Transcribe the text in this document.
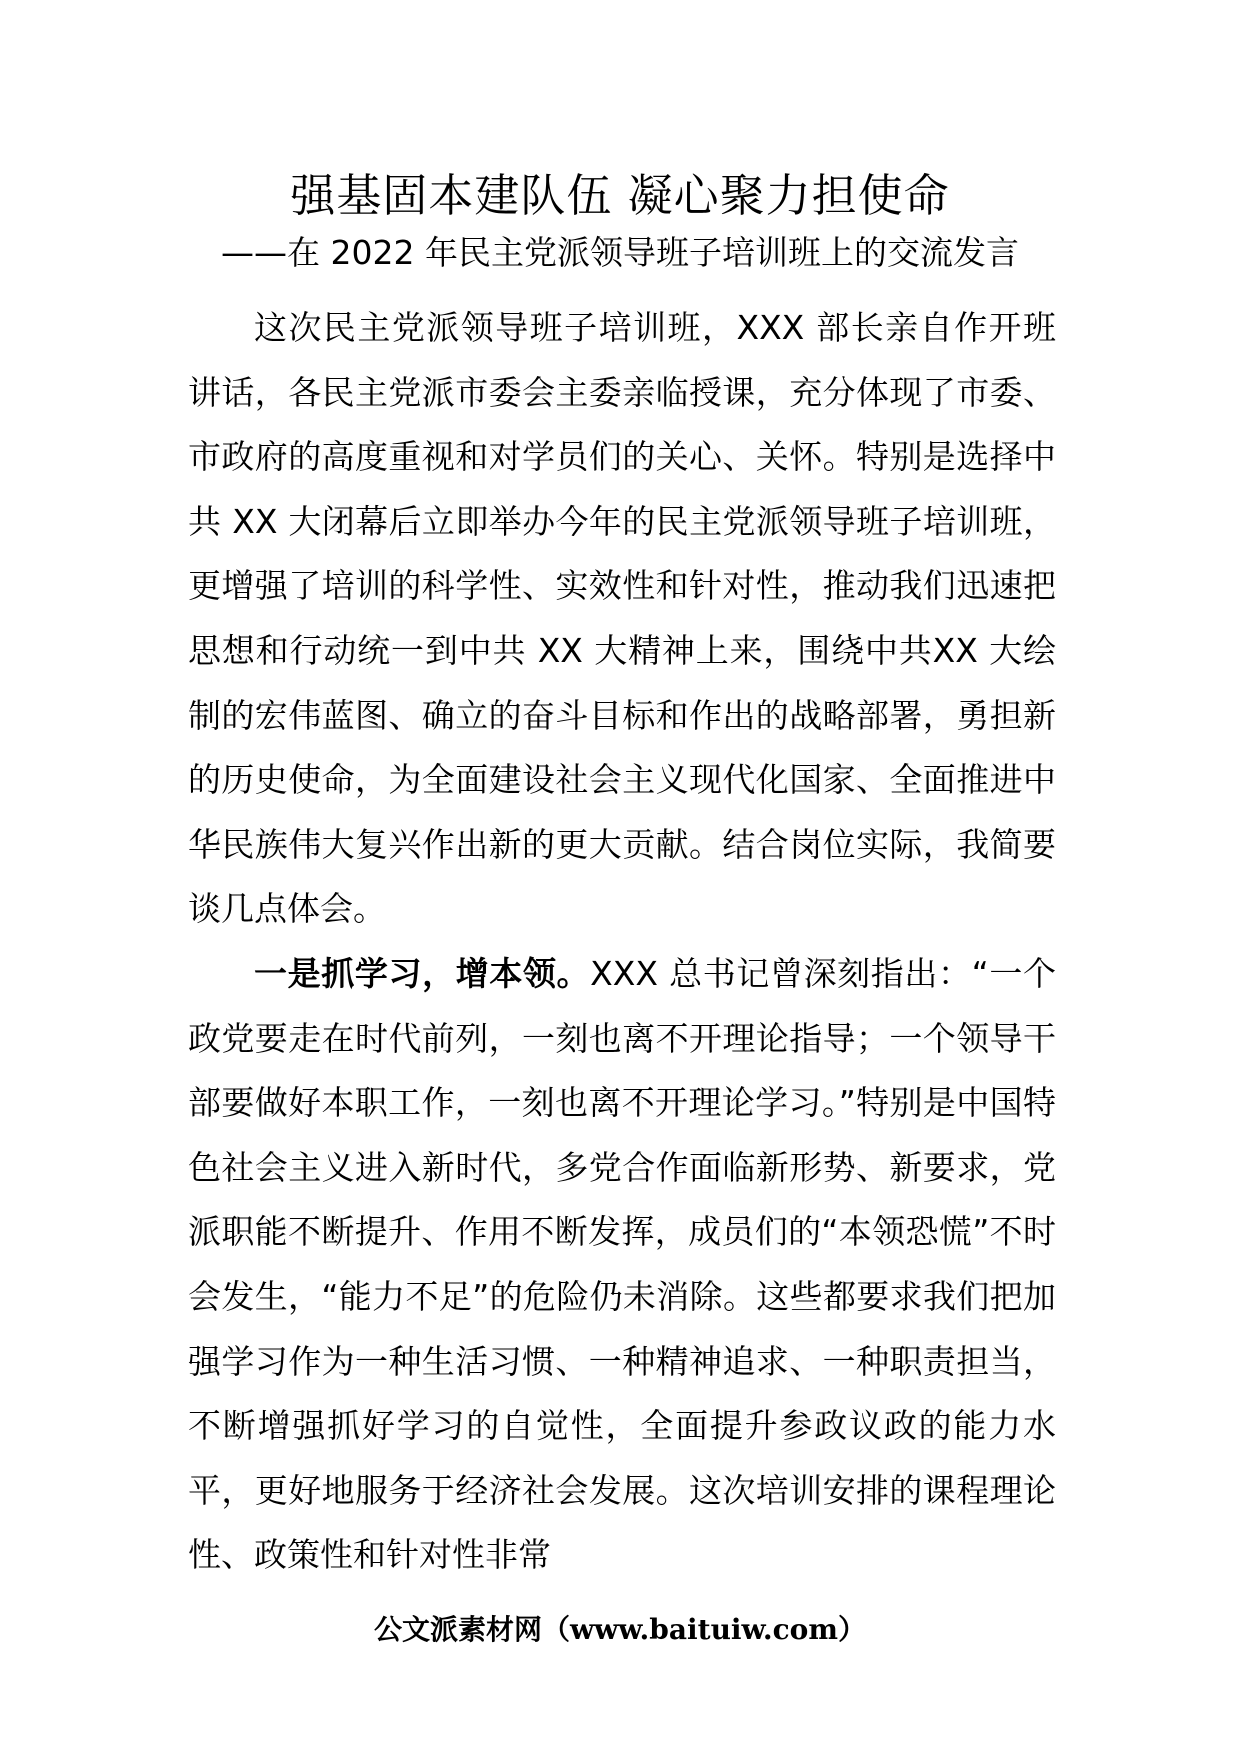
强基固本建队伍 凝心聚力担使命
——在 2022 年民主党派领导班子培训班上的交流发言

这次民主党派领导班子培训班，XXX 部长亲自作开班讲话，各民主党派市委会主委亲临授课，充分体现了市委、市政府的高度重视和对学员们的关心、关怀。特别是选择中共 XX 大闭幕后立即举办今年的民主党派领导班子培训班，更增强了培训的科学性、实效性和针对性，推动我们迅速把思想和行动统一到中共 XX 大精神上来，围绕中共XX 大绘制的宏伟蓝图、确立的奋斗目标和作出的战略部署，勇担新的历史使命，为全面建设社会主义现代化国家、全面推进中华民族伟大复兴作出新的更大贡献。结合岗位实际，我简要谈几点体会。

一是抓学习，增本领。XXX 总书记曾深刻指出：“一个政党要走在时代前列，一刻也离不开理论指导；一个领导干部要做好本职工作，一刻也离不开理论学习。”特别是中国特色社会主义进入新时代，多党合作面临新形势、新要求，党派职能不断提升、作用不断发挥，成员们的“本领恐慌”不时会发生，“能力不足”的危险仍未消除。这些都要求我们把加强学习作为一种生活习惯、一种精神追求、一种职责担当，不断增强抓好学习的自觉性，全面提升参政议政的能力水平，更好地服务于经济社会发展。这次培训安排的课程理论性、政策性和针对性非常

公文派素材网（www.baituiw.com）
